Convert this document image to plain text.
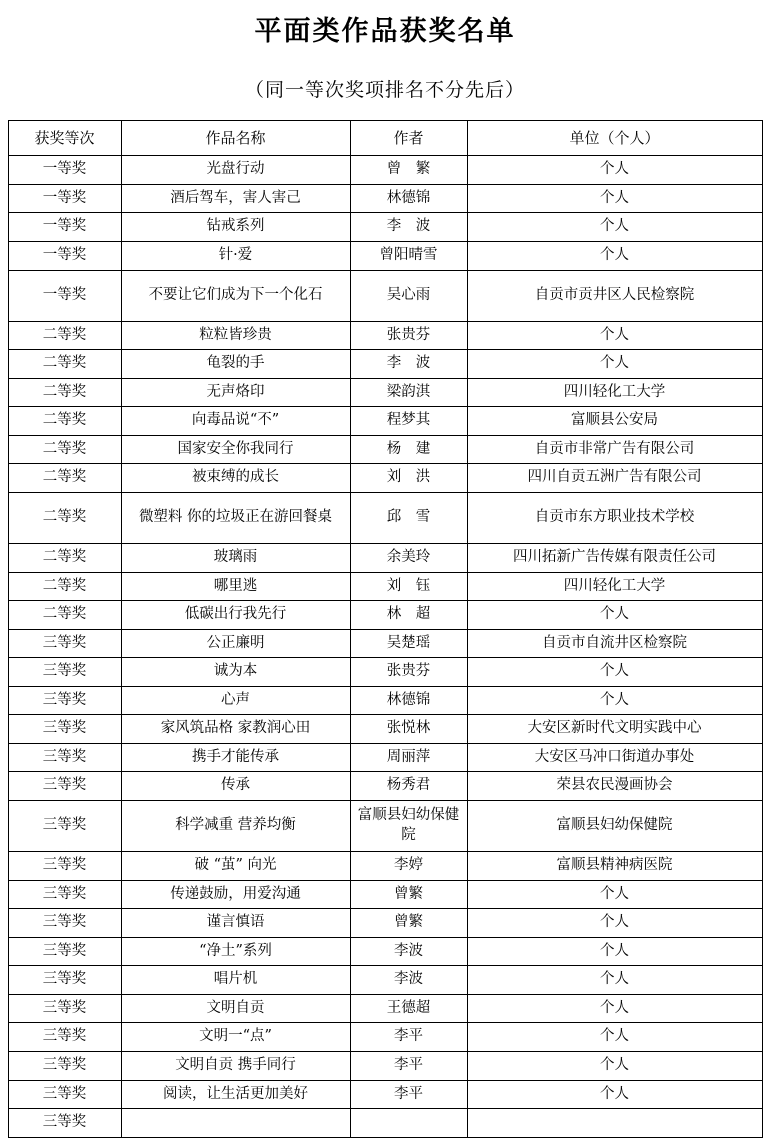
平面类作品获奖名单
（同一等次奖项排名不分先后）
获奖等次	作品名称	作者	单位（个人）
一等奖	光盘行动	曾　繁	个人
一等奖	酒后驾车，害人害己	林德锦	个人
一等奖	钻戒系列	李　波	个人
一等奖	针·爱	曾阳晴雪	个人
一等奖	不要让它们成为下一个化石	吴心雨	自贡市贡井区人民检察院
二等奖	粒粒皆珍贵	张贵芬	个人
二等奖	龟裂的手	李　波	个人
二等奖	无声烙印	梁韵淇	四川轻化工大学
二等奖	向毒品说“不”	程梦其	富顺县公安局
二等奖	国家安全你我同行	杨　建	自贡市非常广告有限公司
二等奖	被束缚的成长	刘　洪	四川自贡五洲广告有限公司
二等奖	微塑料 你的垃圾正在游回餐桌	邱　雪	自贡市东方职业技术学校
二等奖	玻璃雨	余美玲	四川拓新广告传媒有限责任公司
二等奖	哪里逃	刘　钰	四川轻化工大学
二等奖	低碳出行我先行	林　超	个人
三等奖	公正廉明	吴楚瑶	自贡市自流井区检察院
三等奖	诚为本	张贵芬	个人
三等奖	心声	林德锦	个人
三等奖	家风筑品格 家教润心田	张悦林	大安区新时代文明实践中心
三等奖	携手才能传承	周丽萍	大安区马冲口街道办事处
三等奖	传承	杨秀君	荣县农民漫画协会
三等奖	科学减重 营养均衡	富顺县妇幼保健院	富顺县妇幼保健院
三等奖	破 “茧” 向光	李婷	富顺县精神病医院
三等奖	传递鼓励，用爱沟通	曾繁	个人
三等奖	谨言慎语	曾繁	个人
三等奖	“净土”系列	李波	个人
三等奖	唱片机	李波	个人
三等奖	文明自贡	王德超	个人
三等奖	文明一“点”	李平	个人
三等奖	文明自贡 携手同行	李平	个人
三等奖	阅读，让生活更加美好	李平	个人
三等奖			
